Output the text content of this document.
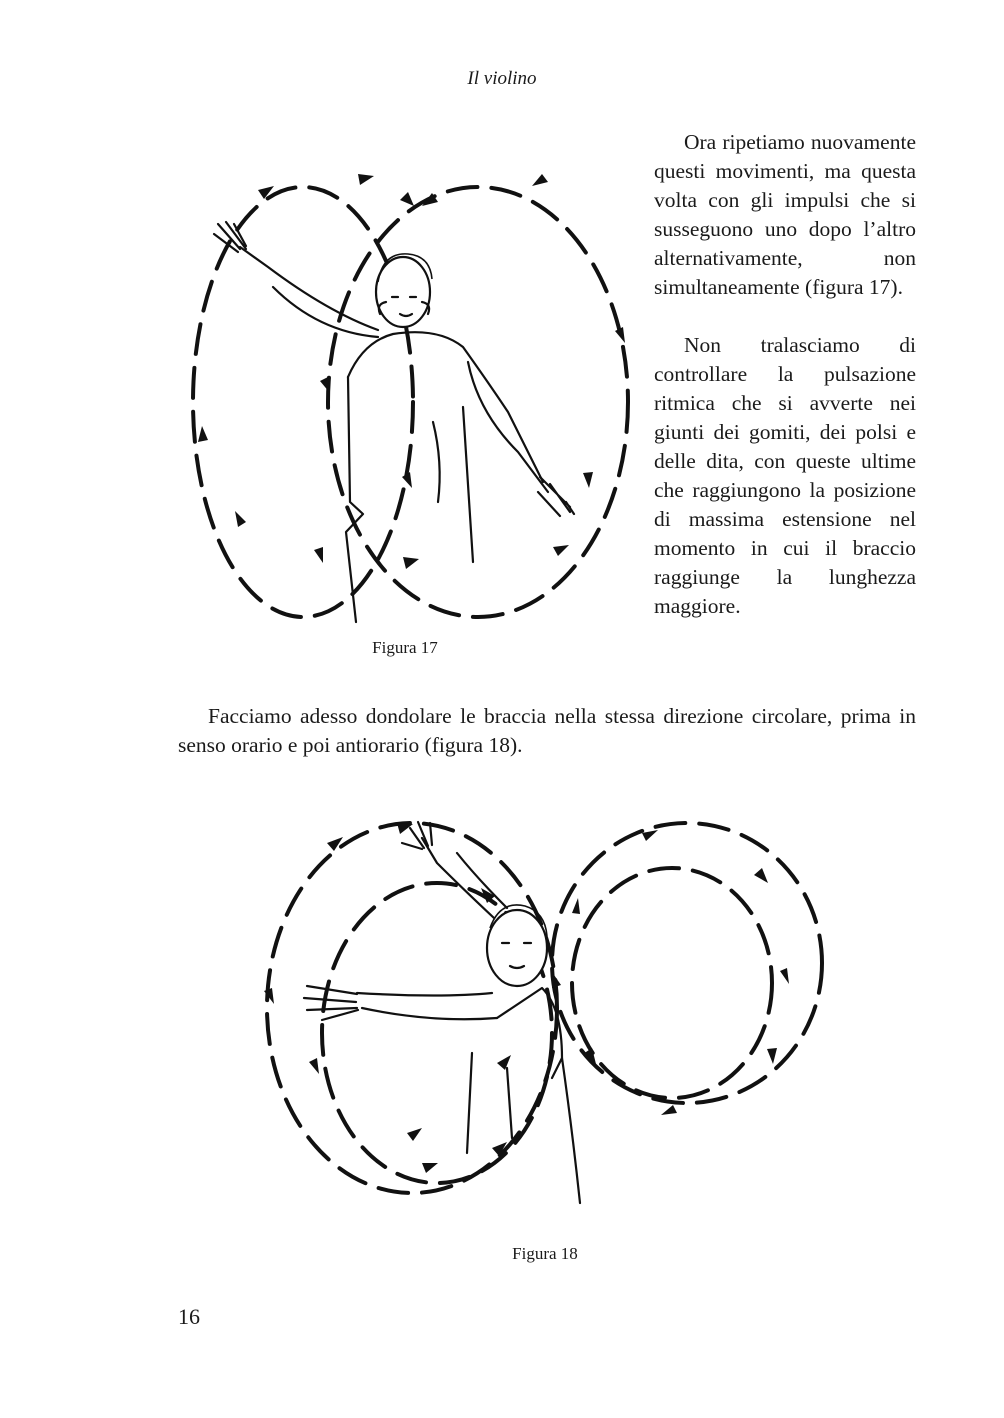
Il violino
Figura 17

Ora ripetiamo nuovamente questi movimenti, ma questa volta con gli impulsi che si susseguono uno dopo l’altro alternativamente, non simultaneamente (figura 17).

Non tralasciamo di controllare la pulsazione ritmica che si avverte nei giunti dei gomiti, dei polsi e delle dita, con queste ultime che raggiungono la posizione di massima estensione nel momento in cui il braccio raggiunge la lunghezza maggiore.

Facciamo adesso dondolare le braccia nella stessa direzione circolare, prima in senso orario e poi antiorario (figura 18).

Figura 18
16
